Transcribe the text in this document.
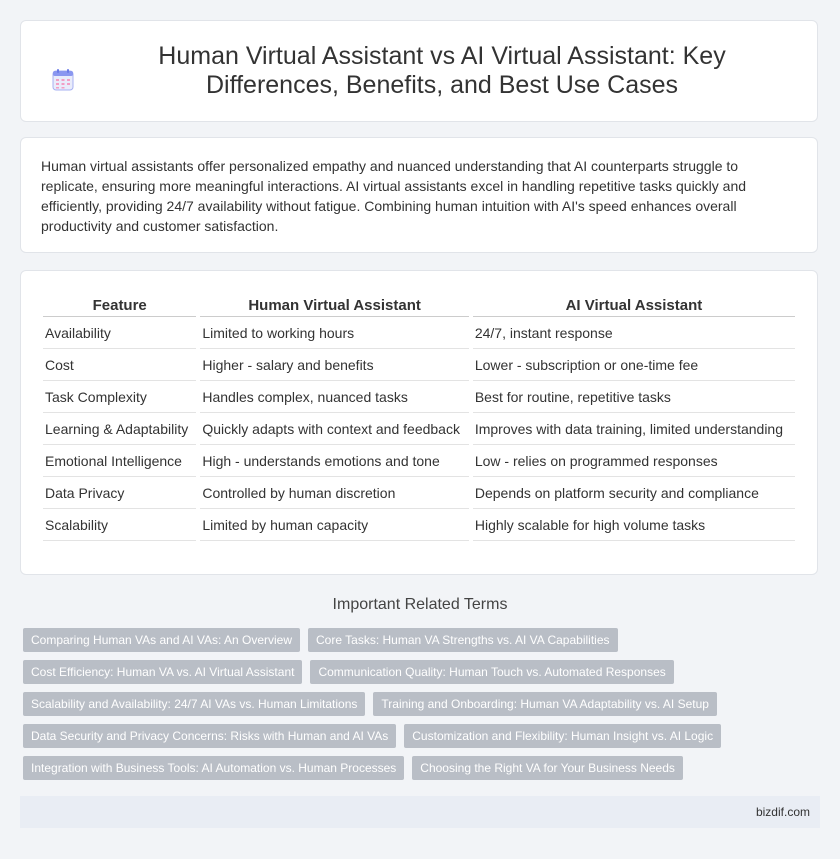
Human Virtual Assistant vs AI Virtual Assistant: Key Differences, Benefits, and Best Use Cases

Human virtual assistants offer personalized empathy and nuanced understanding that AI counterparts struggle to replicate, ensuring more meaningful interactions. AI virtual assistants excel in handling repetitive tasks quickly and efficiently, providing 24/7 availability without fatigue. Combining human intuition with AI's speed enhances overall productivity and customer satisfaction.

Feature	Human Virtual Assistant	AI Virtual Assistant
Availability	Limited to working hours	24/7, instant response
Cost	Higher - salary and benefits	Lower - subscription or one-time fee
Task Complexity	Handles complex, nuanced tasks	Best for routine, repetitive tasks
Learning & Adaptability	Quickly adapts with context and feedback	Improves with data training, limited understanding
Emotional Intelligence	High - understands emotions and tone	Low - relies on programmed responses
Data Privacy	Controlled by human discretion	Depends on platform security and compliance
Scalability	Limited by human capacity	Highly scalable for high volume tasks
Important Related Terms
Comparing Human VAs and AI VAs: An Overview	Core Tasks: Human VA Strengths vs. AI VA Capabilities
Cost Efficiency: Human VA vs. AI Virtual Assistant	Communication Quality: Human Touch vs. Automated Responses
Scalability and Availability: 24/7 AI VAs vs. Human Limitations	Training and Onboarding: Human VA Adaptability vs. AI Setup
Data Security and Privacy Concerns: Risks with Human and AI VAs	Customization and Flexibility: Human Insight vs. AI Logic
Integration with Business Tools: AI Automation vs. Human Processes	Choosing the Right VA for Your Business Needs
bizdif.com
